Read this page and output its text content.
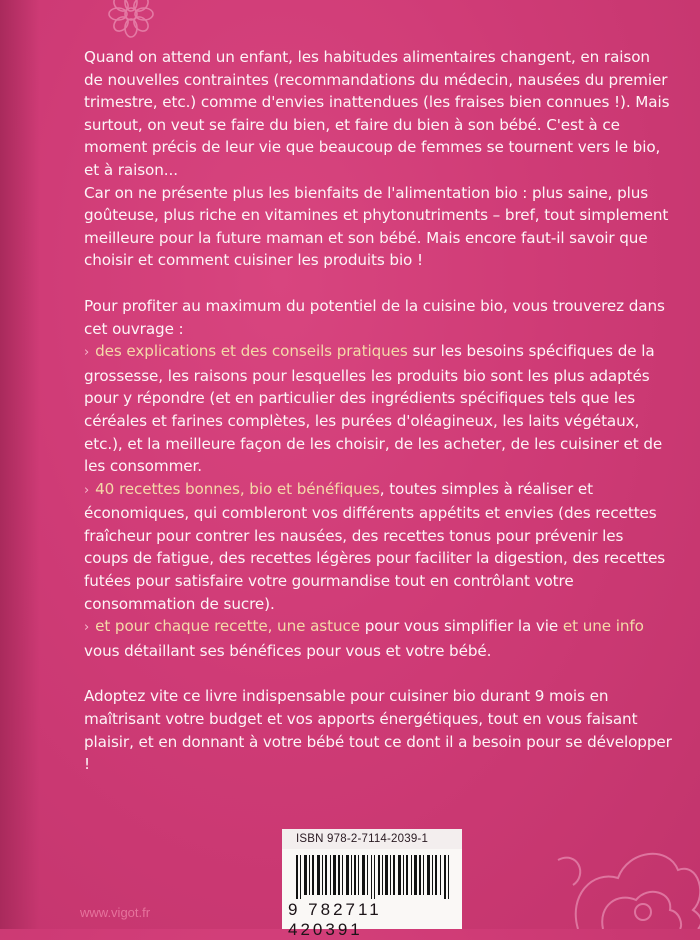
Quand on attend un enfant, les habitudes alimentaires changent, en raison de nouvelles contraintes (recommandations du médecin, nausées du premier trimestre, etc.) comme d'envies inattendues (les fraises bien connues !). Mais surtout, on veut se faire du bien, et faire du bien à son bébé. C'est à ce moment précis de leur vie que beaucoup de femmes se tournent vers le bio, et à raison...

Car on ne présente plus les bienfaits de l'alimentation bio : plus saine, plus goûteuse, plus riche en vitamines et phytonutriments – bref, tout simplement meilleure pour la future maman et son bébé. Mais encore faut-il savoir que choisir et comment cuisiner les produits bio !

Pour profiter au maximum du potentiel de la cuisine bio, vous trouverez dans cet ouvrage :

› des explications et des conseils pratiques sur les besoins spécifiques de la grossesse, les raisons pour lesquelles les produits bio sont les plus adaptés pour y répondre (et en particulier des ingrédients spécifiques tels que les céréales et farines complètes, les purées d'oléagineux, les laits végétaux, etc.), et la meilleure façon de les choisir, de les acheter, de les cuisiner et de les consommer.

› 40 recettes bonnes, bio et bénéfiques, toutes simples à réaliser et économiques, qui combleront vos différents appétits et envies (des recettes fraîcheur pour contrer les nausées, des recettes tonus pour prévenir les coups de fatigue, des recettes légères pour faciliter la digestion, des recettes futées pour satisfaire votre gourmandise tout en contrôlant votre consommation de sucre).

› et pour chaque recette, une astuce pour vous simplifier la vie et une info vous détaillant ses bénéfices pour vous et votre bébé.

Adoptez vite ce livre indispensable pour cuisiner bio durant 9 mois en maîtrisant votre budget et vos apports énergétiques, tout en vous faisant plaisir, et en donnant à votre bébé tout ce dont il a besoin pour se développer !

ISBN 978-2-7114-2039-1
9 782711 420391
www.vigot.fr
